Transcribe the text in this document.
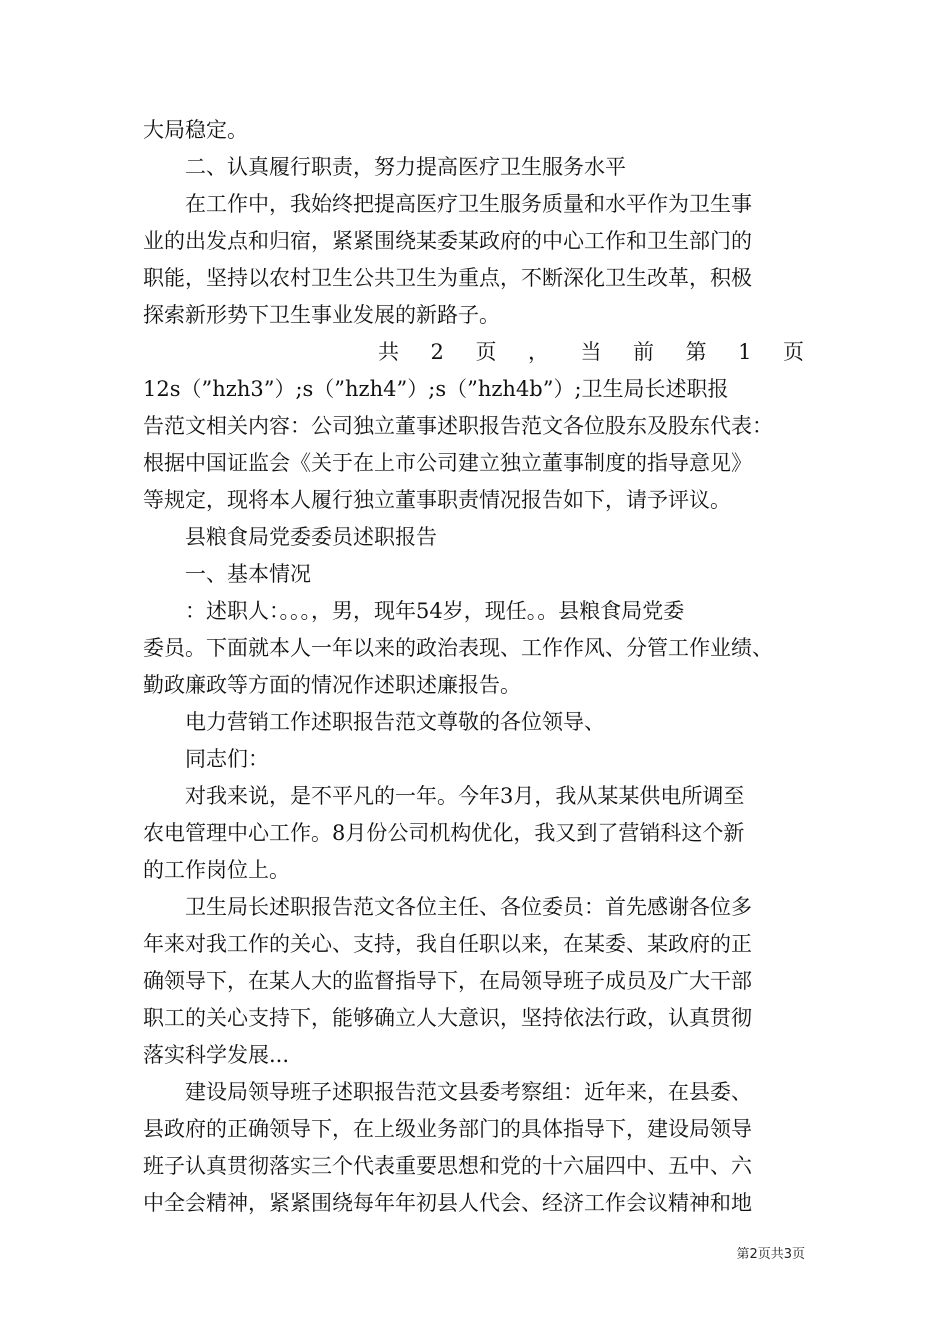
大局稳定。
二、认真履行职责，努力提高医疗卫生服务水平
在工作中，我始终把提高医疗卫生服务质量和水平作为卫生事
业的出发点和归宿，紧紧围绕某委某政府的中心工作和卫生部门的
职能，坚持以农村卫生公共卫生为重点，不断深化卫生改革，积极
探索新形势下卫生事业发展的新路子。
共 2 页 ， 当 前 第 1 页
12s（”hzh3”）;s（”hzh4”）;s（”hzh4b”）;卫生局长述职报
告范文相关内容：公司独立董事述职报告范文各位股东及股东代表：
根据中国证监会《关于在上市公司建立独立董事制度的指导意见》
等规定，现将本人履行独立董事职责情况报告如下，请予评议。
县粮食局党委委员述职报告
一、基本情况
：述职人：。。。，男，现年54岁，现任。。县粮食局党委
委员。下面就本人一年以来的政治表现、工作作风、分管工作业绩、
勤政廉政等方面的情况作述职述廉报告。
电力营销工作述职报告范文尊敬的各位领导、
同志们：
对我来说，是不平凡的一年。今年3月，我从某某供电所调至
农电管理中心工作。8月份公司机构优化，我又到了营销科这个新
的工作岗位上。
卫生局长述职报告范文各位主任、各位委员：首先感谢各位多
年来对我工作的关心、支持，我自任职以来，在某委、某政府的正
确领导下，在某人大的监督指导下，在局领导班子成员及广大干部
职工的关心支持下，能够确立人大意识，坚持依法行政，认真贯彻
落实科学发展...
建设局领导班子述职报告范文县委考察组：近年来，在县委、
县政府的正确领导下，在上级业务部门的具体指导下，建设局领导
班子认真贯彻落实三个代表重要思想和党的十六届四中、五中、六
中全会精神，紧紧围绕每年年初县人代会、经济工作会议精神和地
第2页共3页
